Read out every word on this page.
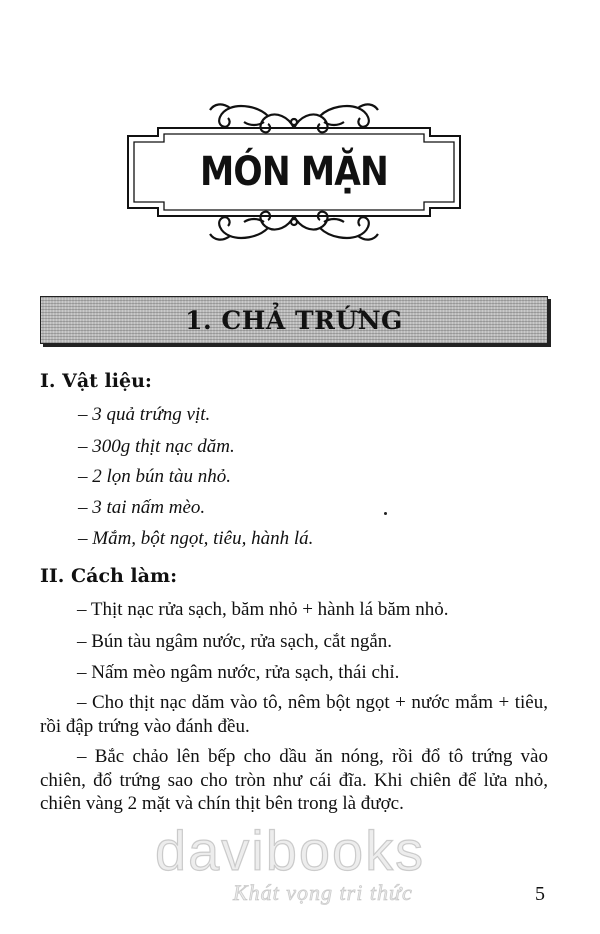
MÓN MẶN
1. CHẢ TRỨNG
I. Vật liệu:
– 3 quả trứng vịt.
– 300g thịt nạc dăm.
– 2 lọn bún tàu nhỏ.
– 3 tai nấm mèo.
– Mắm, bột ngọt, tiêu, hành lá.
II. Cách làm:
– Thịt nạc rửa sạch, băm nhỏ + hành lá băm nhỏ.
– Bún tàu ngâm nước, rửa sạch, cắt ngắn.
– Nấm mèo ngâm nước, rửa sạch, thái chỉ.
– Cho thịt nạc dăm vào tô, nêm bột ngọt + nước mắm + tiêu, rồi đập trứng vào đánh đều.
– Bắc chảo lên bếp cho dầu ăn nóng, rồi đổ tô trứng vào chiên, đổ trứng sao cho tròn như cái đĩa. Khi chiên để lửa nhỏ, chiên vàng 2 mặt và chín thịt bên trong là được.
davibooks
Khát vọng tri thức	5
